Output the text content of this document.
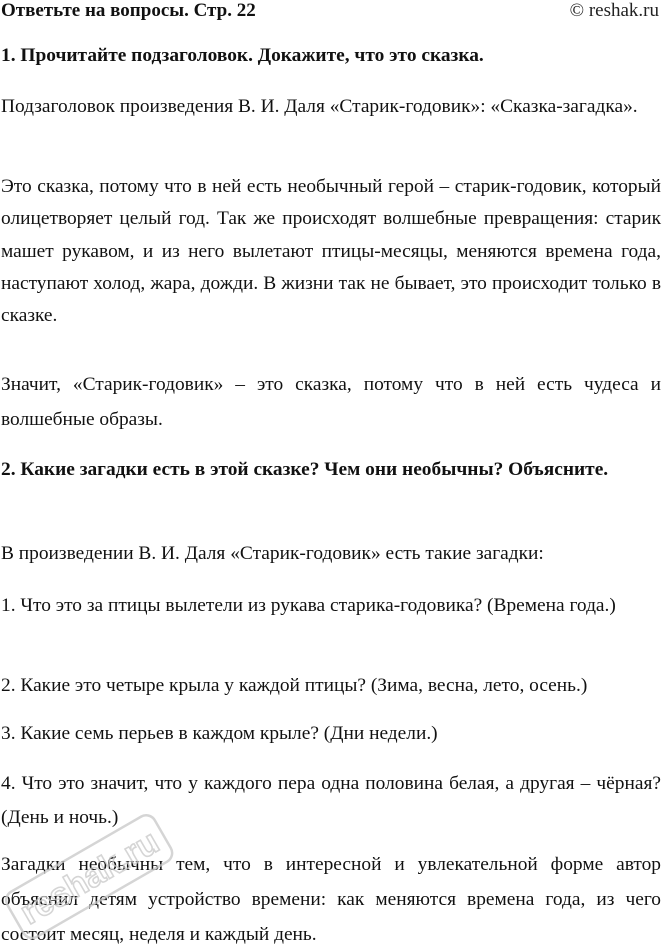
Ответьте на вопросы. Стр. 22	© reshak.ru
1. Прочитайте подзаголовок. Докажите, что это сказка.
Подзаголовок произведения В. И. Даля «Старик-годовик»: «Сказка-загадка».
Это сказка, потому что в ней есть необычный герой – старик-годовик, который олицетворяет целый год. Так же происходят волшебные превращения: старик машет рукавом, и из него вылетают птицы-месяцы, меняются времена года, наступают холод, жара, дожди. В жизни так не бывает, это происходит только в сказке.
Значит, «Старик-годовик» – это сказка, потому что в ней есть чудеса и волшебные образы.
2. Какие загадки есть в этой сказке? Чем они необычны? Объясните.
В произведении В. И. Даля «Старик-годовик» есть такие загадки:
1. Что это за птицы вылетели из рукава старика-годовика? (Времена года.)
2. Какие это четыре крыла у каждой птицы? (Зима, весна, лето, осень.)
3. Какие семь перьев в каждом крыле? (Дни недели.)
4. Что это значит, что у каждого пера одна половина белая, а другая – чёрная? (День и ночь.)
Загадки необычны тем, что в интересной и увлекательной форме автор объяснил детям устройство времени: как меняются времена года, из чего состоит месяц, неделя и каждый день.
reshak.ru
